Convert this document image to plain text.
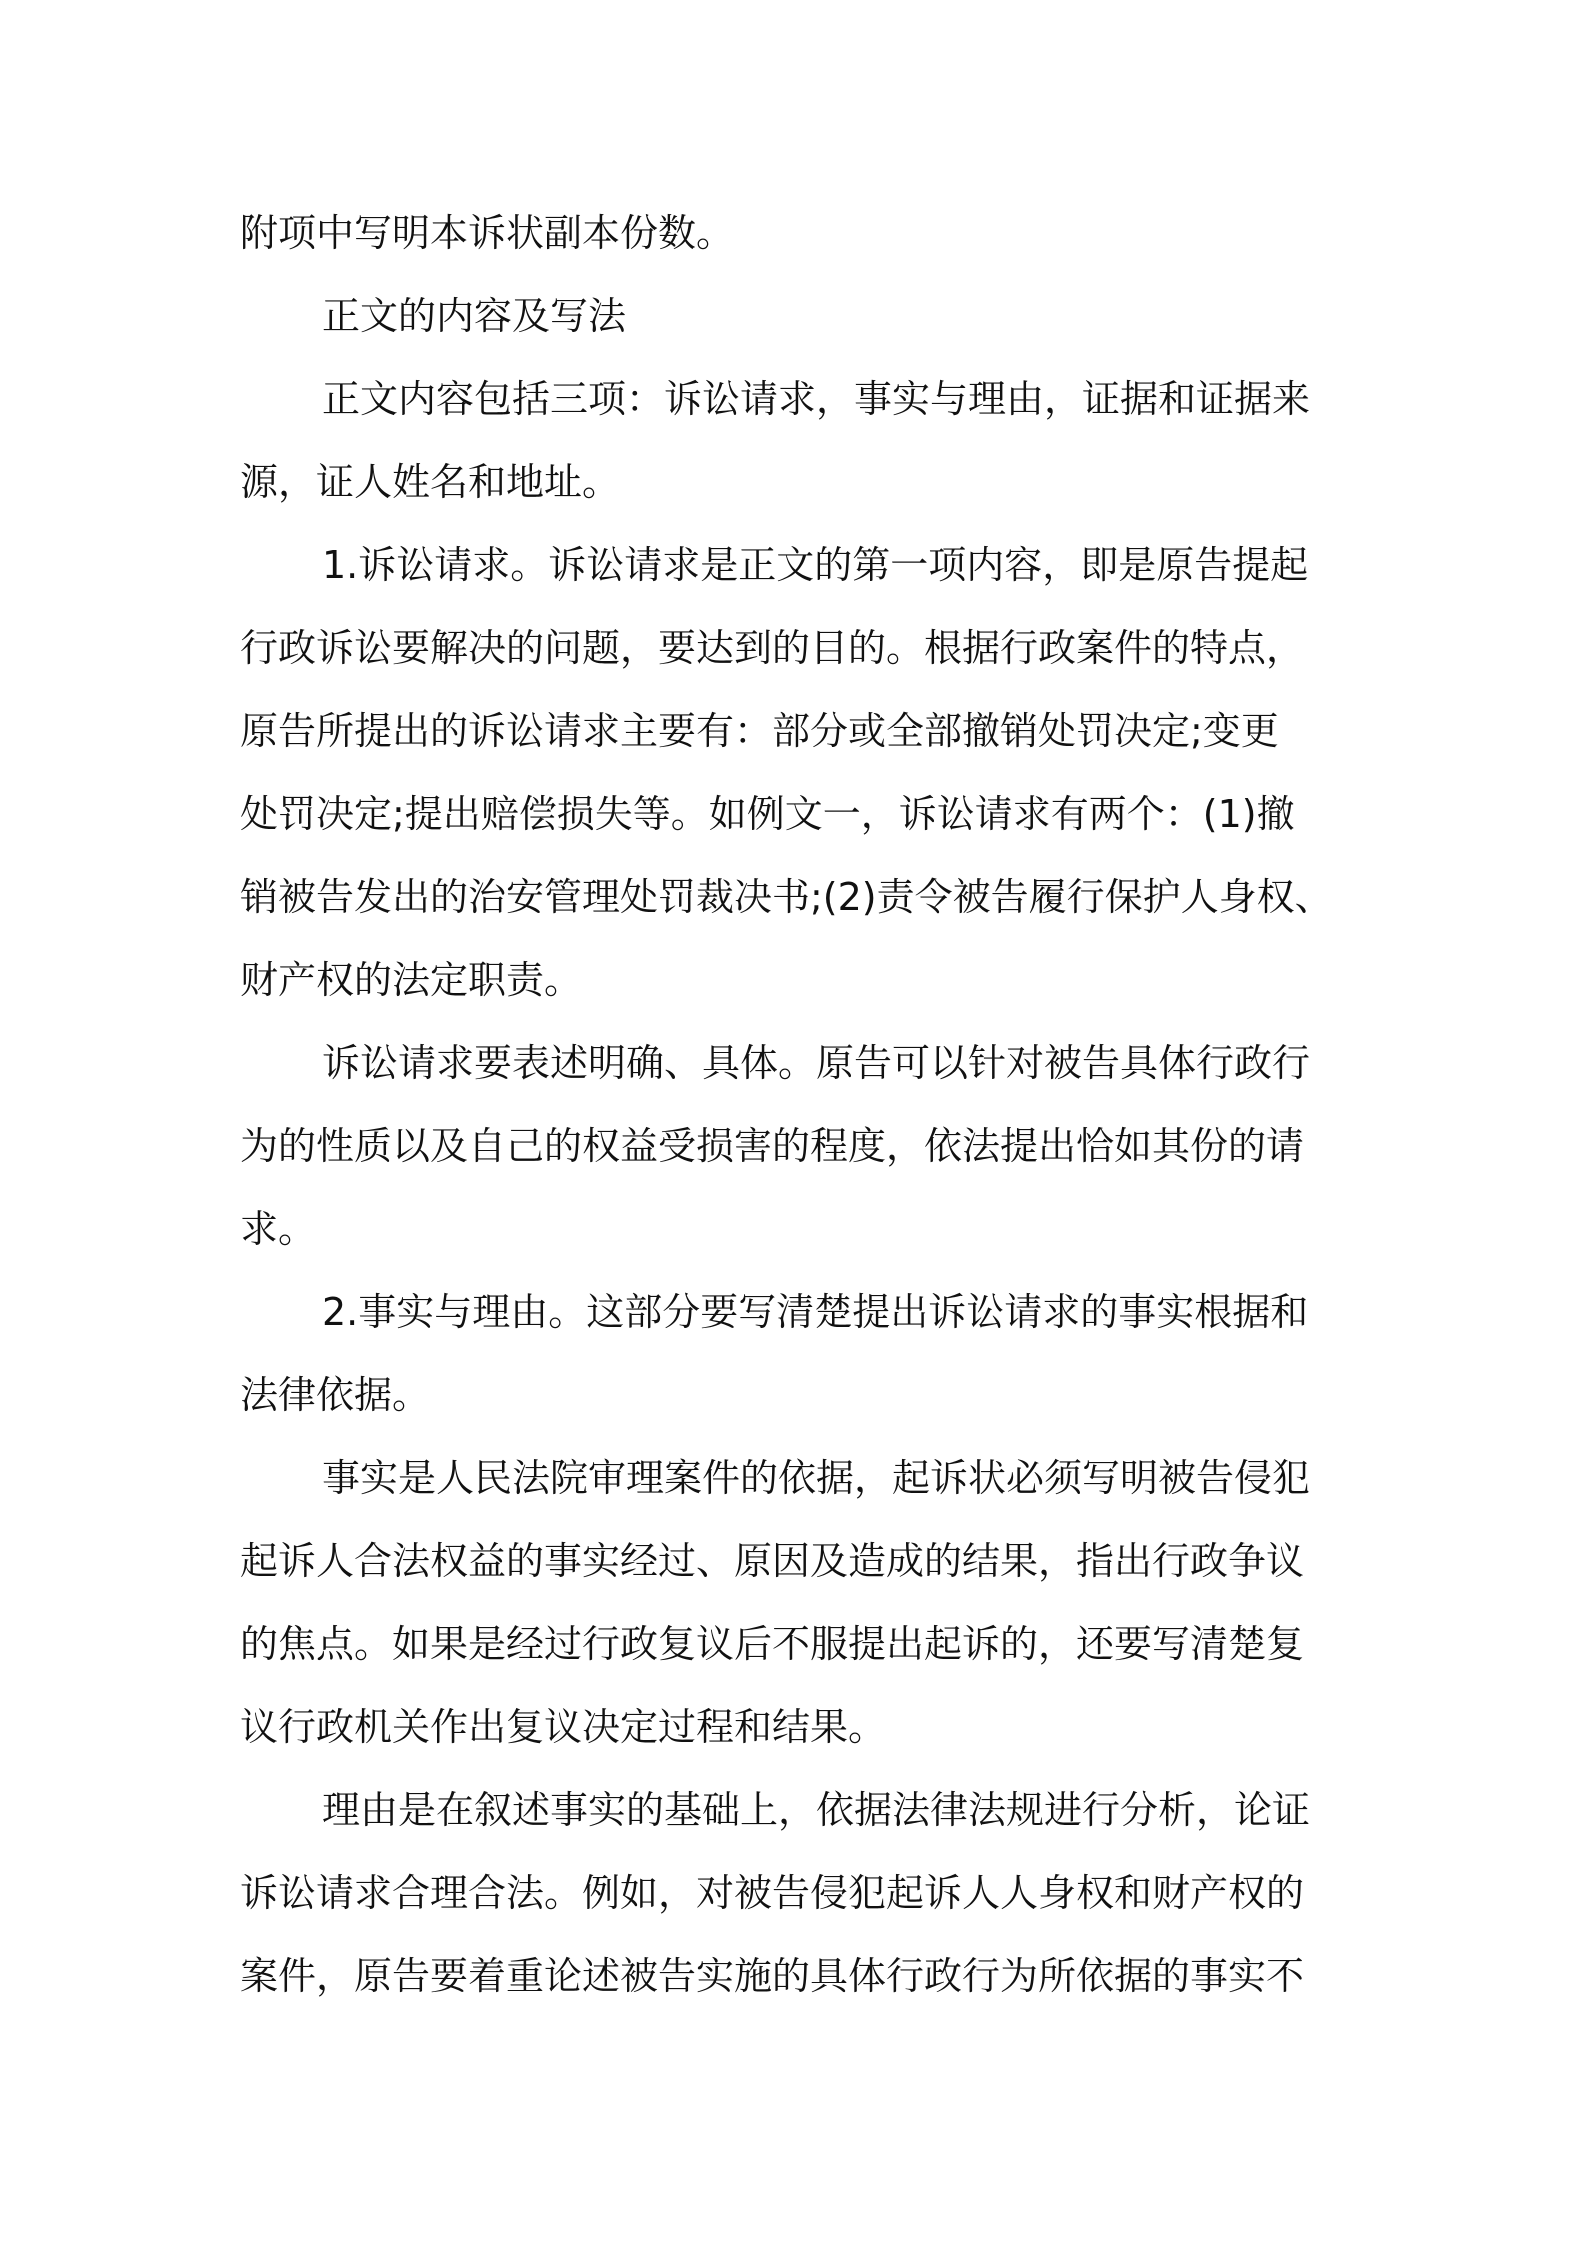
附项中写明本诉状副本份数。
正文的内容及写法
正文内容包括三项：诉讼请求，事实与理由，证据和证据来
源，证人姓名和地址。
1.诉讼请求。诉讼请求是正文的第一项内容，即是原告提起
行政诉讼要解决的问题，要达到的目的。根据行政案件的特点，
原告所提出的诉讼请求主要有：部分或全部撤销处罚决定;变更
处罚决定;提出赔偿损失等。如例文一，诉讼请求有两个：(1)撤
销被告发出的治安管理处罚裁决书;(2)责令被告履行保护人身权、
财产权的法定职责。
诉讼请求要表述明确、具体。原告可以针对被告具体行政行
为的性质以及自己的权益受损害的程度，依法提出恰如其份的请
求。
2.事实与理由。这部分要写清楚提出诉讼请求的事实根据和
法律依据。
事实是人民法院审理案件的依据，起诉状必须写明被告侵犯
起诉人合法权益的事实经过、原因及造成的结果，指出行政争议
的焦点。如果是经过行政复议后不服提出起诉的，还要写清楚复
议行政机关作出复议决定过程和结果。
理由是在叙述事实的基础上，依据法律法规进行分析，论证
诉讼请求合理合法。例如，对被告侵犯起诉人人身权和财产权的
案件，原告要着重论述被告实施的具体行政行为所依据的事实不
